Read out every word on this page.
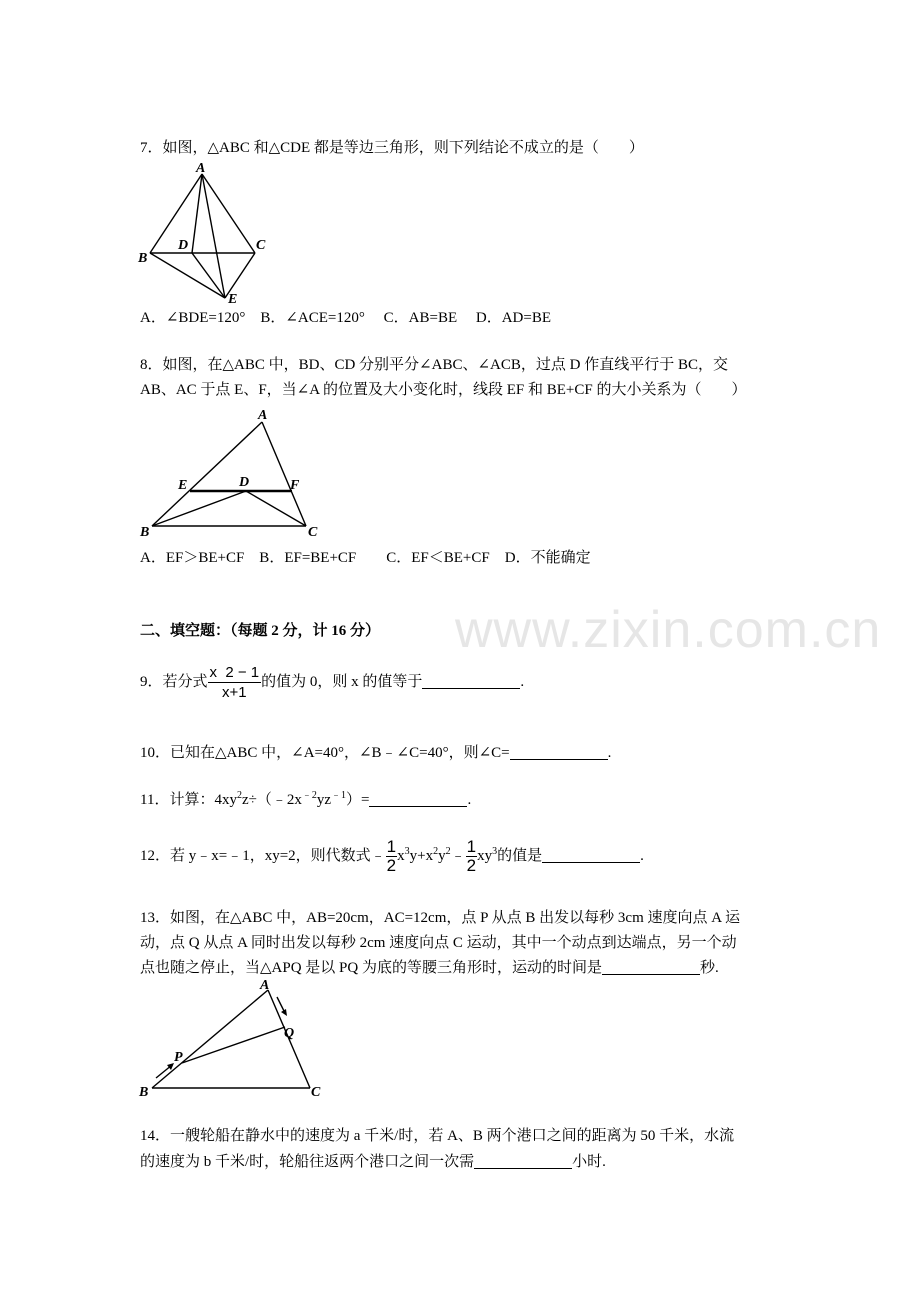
www.zixin.com.cn
7．如图，△ABC 和△CDE 都是等边三角形，则下列结论不成立的是（　　）
A
B
C
D
E
A．∠BDE=120°　B．∠ACE=120°　 C．AB=BE　 D．AD=BE
8．如图，在△ABC 中，BD、CD 分别平分∠ABC、∠ACB，过点 D 作直线平行于 BC，交
AB、AC 于点 E、F，当∠A 的位置及大小变化时，线段 EF 和 BE+CF 的大小关系为（　　）
A
B	C
D
E	F
A．EF＞BE+CF　B．EF=BE+CF　　C．EF＜BE+CF　D．不能确定
二、填空题：（每题 2 分，计 16 分）
9．若分式 $\frac{x 2 - 1}{x+1}$ 的值为 0，则 x 的值等于	.
10．已知在△ABC 中，∠A=40°，∠B﹣∠C=40°，则∠C=	.
11．计算：$4xy^2z\div(﹣2x^{﹣2}yz^{﹣1})=$	.
12．若 y﹣x=﹣1，xy=2，则代数式﹣ $\frac{1}{2}$ $x^3y+x^2y^2﹣ \frac{1}{2} xy^3$的值是	.
13．如图，在△ABC 中，AB=20cm，AC=12cm，点 P 从点 B 出发以每秒 3cm 速度向点 A 运
动，点 Q 从点 A 同时出发以每秒 2cm 速度向点 C 运动，其中一个动点到达端点，另一个动
点也随之停止，当△APQ 是以 PQ 为底的等腰三角形时，运动的时间是	秒.
A
B	C
P
Q
14．一艘轮船在静水中的速度为 a 千米/时，若 A、B 两个港口之间的距离为 50 千米，水流
的速度为 b 千米/时，轮船往返两个港口之间一次需	小时.
